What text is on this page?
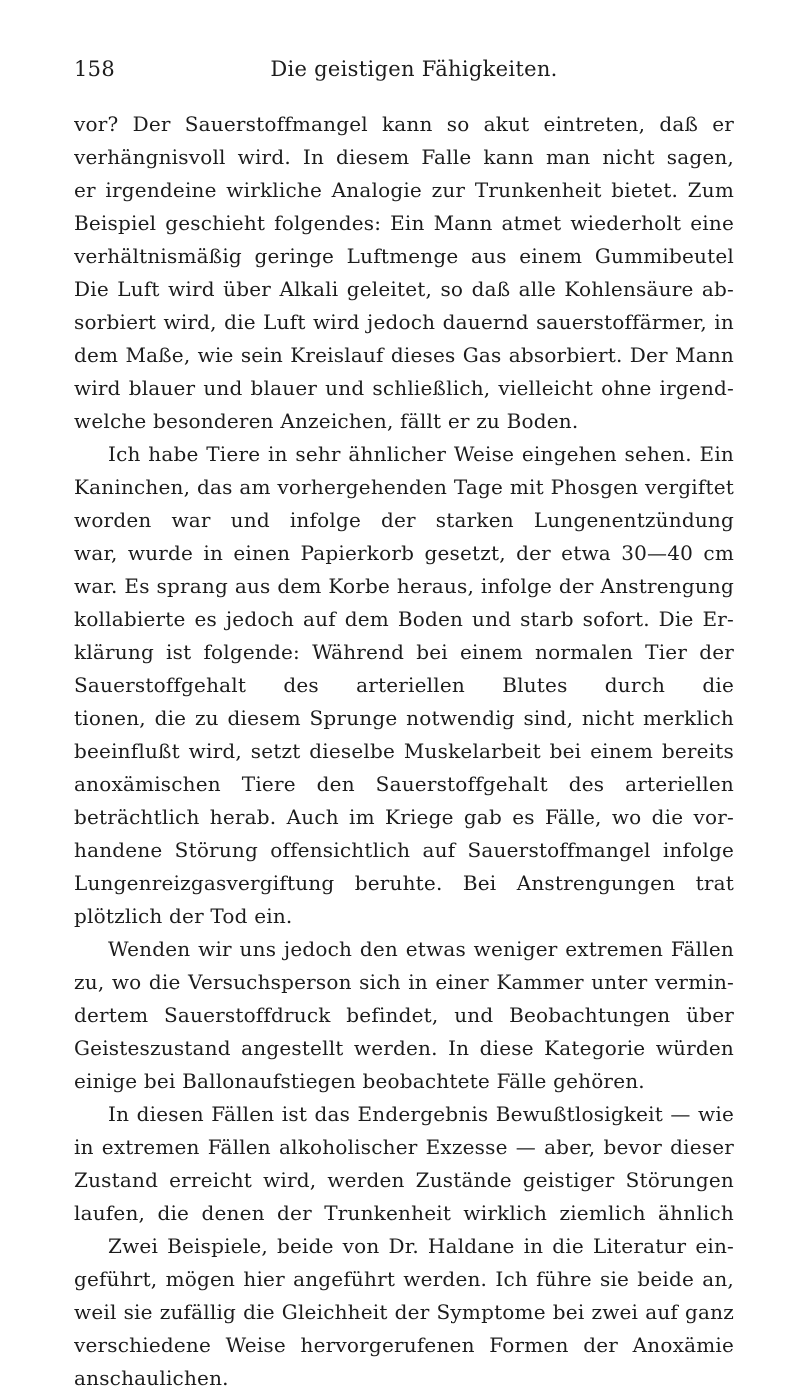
158	Die geistigen Fähigkeiten.
vor? Der Sauerstoffmangel kann so akut eintreten, daß er
verhängnisvoll wird. In diesem Falle kann man nicht sagen,
er irgendeine wirkliche Analogie zur Trunkenheit bietet. Zum
Beispiel geschieht folgendes: Ein Mann atmet wiederholt eine
verhältnismäßig geringe Luftmenge aus einem Gummibeutel
Die Luft wird über Alkali geleitet, so daß alle Kohlensäure ab-
sorbiert wird, die Luft wird jedoch dauernd sauerstoffärmer, in
dem Maße, wie sein Kreislauf dieses Gas absorbiert. Der Mann
wird blauer und blauer und schließlich, vielleicht ohne irgend-
welche besonderen Anzeichen, fällt er zu Boden.
Ich habe Tiere in sehr ähnlicher Weise eingehen sehen. Ein
Kaninchen, das am vorhergehenden Tage mit Phosgen vergiftet
worden war und infolge der starken Lungenentzündung
war, wurde in einen Papierkorb gesetzt, der etwa 30—40 cm
war. Es sprang aus dem Korbe heraus, infolge der Anstrengung
kollabierte es jedoch auf dem Boden und starb sofort. Die Er-
klärung ist folgende: Während bei einem normalen Tier der
Sauerstoffgehalt des arteriellen Blutes durch die
tionen, die zu diesem Sprunge notwendig sind, nicht merklich
beeinflußt wird, setzt dieselbe Muskelarbeit bei einem bereits
anoxämischen Tiere den Sauerstoffgehalt des arteriellen
beträchtlich herab. Auch im Kriege gab es Fälle, wo die vor-
handene Störung offensichtlich auf Sauerstoffmangel infolge
Lungenreizgasvergiftung beruhte. Bei Anstrengungen trat
plötzlich der Tod ein.
Wenden wir uns jedoch den etwas weniger extremen Fällen
zu, wo die Versuchsperson sich in einer Kammer unter vermin-
dertem Sauerstoffdruck befindet, und Beobachtungen über
Geisteszustand angestellt werden. In diese Kategorie würden
einige bei Ballonaufstiegen beobachtete Fälle gehören.
In diesen Fällen ist das Endergebnis Bewußtlosigkeit — wie
in extremen Fällen alkoholischer Exzesse — aber, bevor dieser
Zustand erreicht wird, werden Zustände geistiger Störungen
laufen, die denen der Trunkenheit wirklich ziemlich ähnlich
Zwei Beispiele, beide von Dr. Haldane in die Literatur ein-
geführt, mögen hier angeführt werden. Ich führe sie beide an,
weil sie zufällig die Gleichheit der Symptome bei zwei auf ganz
verschiedene Weise hervorgerufenen Formen der Anoxämie
anschaulichen.
